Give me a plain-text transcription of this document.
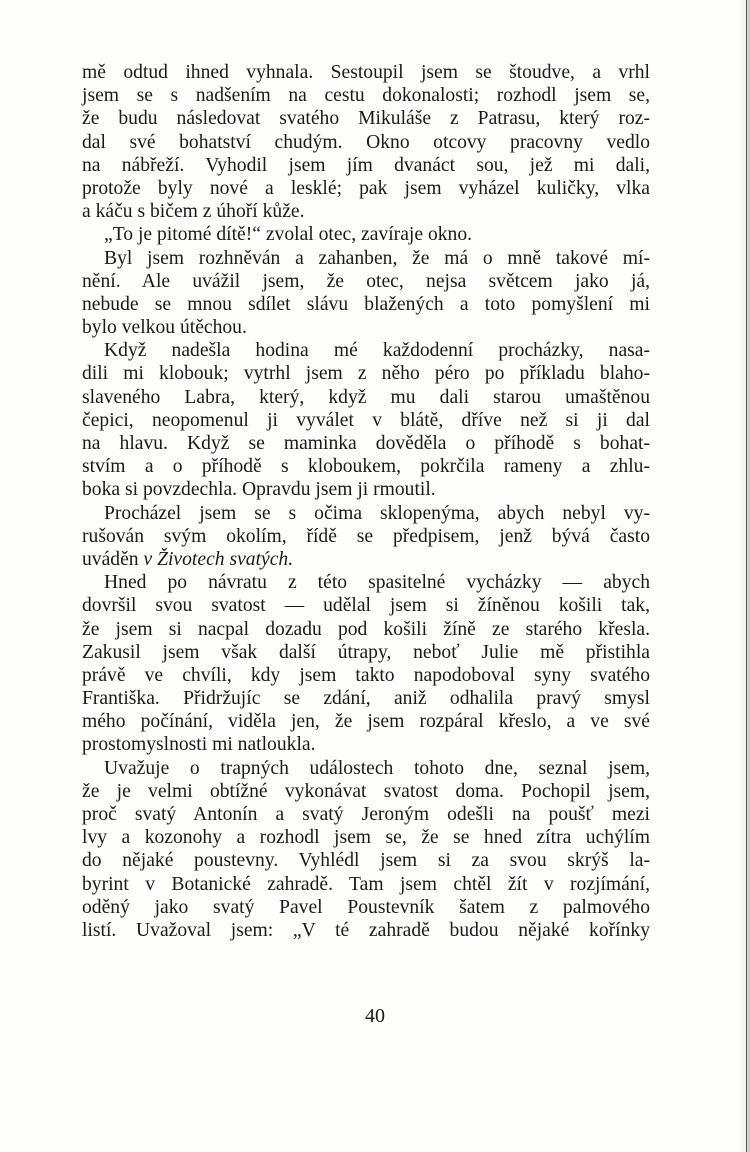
mě odtud ihned vyhnala. Sestoupil jsem se štoudve, a vrhl
jsem se s nadšením na cestu dokonalosti; rozhodl jsem se,
že budu následovat svatého Mikuláše z Patrasu, který roz-
dal své bohatství chudým. Okno otcovy pracovny vedlo
na nábřeží. Vyhodil jsem jím dvanáct sou, jež mi dali,
protože byly nové a lesklé; pak jsem vyházel kuličky, vlka
a káču s bičem z úhoří kůže.
„To je pitomé dítě!“ zvolal otec, zavíraje okno.
Byl jsem rozhněván a zahanben, že má o mně takové mí-
nění. Ale uvážil jsem, že otec, nejsa světcem jako já,
nebude se mnou sdílet slávu blažených a toto pomyšlení mi
bylo velkou útěchou.
Když nadešla hodina mé každodenní procházky, nasa-
dili mi klobouk; vytrhl jsem z něho péro po příkladu blaho-
slaveného Labra, který, když mu dali starou umaštěnou
čepici, neopomenul ji vyválet v blátě, dříve než si ji dal
na hlavu. Když se maminka dověděla o příhodě s bohat-
stvím a o příhodě s kloboukem, pokrčila rameny a zhlu-
boka si povzdechla. Opravdu jsem ji rmoutil.
Procházel jsem se s očima sklopenýma, abych nebyl vy-
rušován svým okolím, řídě se předpisem, jenž bývá často
uváděn v Životech svatých.
Hned po návratu z této spasitelné vycházky — abych
dovršil svou svatost — udělal jsem si žíněnou košili tak,
že jsem si nacpal dozadu pod košili žíně ze starého křesla.
Zakusil jsem však další útrapy, neboť Julie mě přistihla
právě ve chvíli, kdy jsem takto napodoboval syny svatého
Františka. Přidržujíc se zdání, aniž odhalila pravý smysl
mého počínání, viděla jen, že jsem rozpáral křeslo, a ve své
prostomyslnosti mi natloukla.
Uvažuje o trapných událostech tohoto dne, seznal jsem,
že je velmi obtížné vykonávat svatost doma. Pochopil jsem,
proč svatý Antonín a svatý Jeroným odešli na poušť mezi
lvy a kozonohy a rozhodl jsem se, že se hned zítra uchýlím
do nějaké poustevny. Vyhlédl jsem si za svou skrýš la-
byrint v Botanické zahradě. Tam jsem chtěl žít v rozjímání,
oděný jako svatý Pavel Poustevník šatem z palmového
listí. Uvažoval jsem: „V té zahradě budou nějaké kořínky
40
